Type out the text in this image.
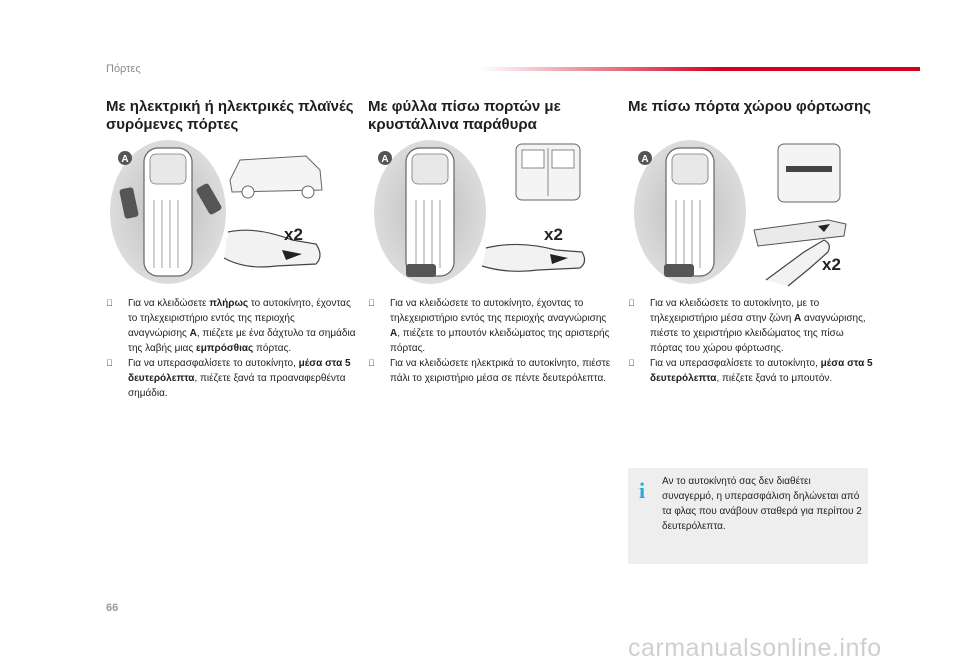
Πόρτες
Με ηλεκτρική ή ηλεκτρικές πλαϊνές συρόμενες πόρτες
A
x2
Για να κλειδώσετε πλήρως το αυτοκίνητο, έχοντας το τηλεχειριστήριο εντός της περιοχής αναγνώρισης A, πιέζετε με ένα δάχτυλο τα σημάδια της λαβής μιας εμπρόσθιας πόρτας.
Για να υπερασφαλίσετε το αυτοκίνητο, μέσα στα 5 δευτερόλεπτα, πιέζετε ξανά τα προαναφερθέντα σημάδια.
Με φύλλα πίσω πορτών με κρυστάλλινα παράθυρα
A
x2
Για να κλειδώσετε το αυτοκίνητο, έχοντας το τηλεχειριστήριο εντός της περιοχής αναγνώρισης A, πιέζετε το μπουτόν κλειδώματος της αριστερής πόρτας.
Για να κλειδώσετε ηλεκτρικά το αυτοκίνητο, πιέστε πάλι το χειριστήριο μέσα σε πέντε δευτερόλεπτα.
Με πίσω πόρτα χώρου φόρτωσης
A
x2
Για να κλειδώσετε το αυτοκίνητο, με το τηλεχειριστήριο μέσα στην ζώνη A αναγνώρισης, πιέστε το χειριστήριο κλειδώματος της πίσω πόρτας του χώρου φόρτωσης.
Για να υπερασφαλίσετε το αυτοκίνητο, μέσα στα 5 δευτερόλεπτα, πιέζετε ξανά το μπουτόν.
i Αν το αυτοκίνητό σας δεν διαθέτει συναγερμό, η υπερασφάλιση δηλώνεται από τα φλας που ανάβουν σταθερά για περίπου 2 δευτερόλεπτα.
66
carmanualsonline.info
